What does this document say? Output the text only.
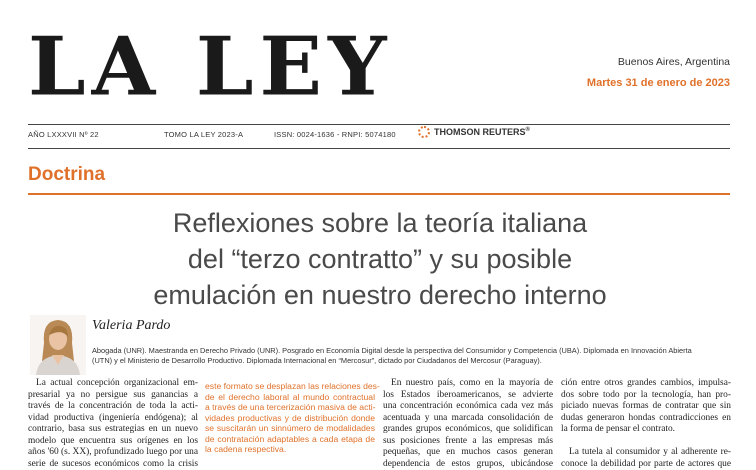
LA LEY	Buenos Aires, Argentina
Martes 31 de enero de 2023
AÑO LXXXVII Nº 22	TOMO LA LEY 2023-A	ISSN: 0024-1636 - RNPI: 5074180	THOMSON REUTERS®
Doctrina
Reflexiones sobre la teoría italiana
del “terzo contratto” y su posible
emulación en nuestro derecho interno
Valeria Pardo
Abogada (UNR). Maestranda en Derecho Privado (UNR). Posgrado en Economía Digital desde la perspectiva del Consumidor y Competencia (UBA). Diplomada en Innovación Abierta
(UTN) y el Ministerio de Desarrollo Productivo. Diplomada Internacional en “Mercosur”, dictado por Ciudadanos del Mercosur (Paraguay).
La actual concepción organizacional em-
presarial ya no persigue sus ganancias a
través de la concentración de toda la acti-
vidad productiva (ingeniería endógena); al
contrario, basa sus estrategias en un nuevo
modelo que encuentra sus orígenes en los
años '60 (s. XX), profundizado luego por una
serie de sucesos económicos como la crisis
este formato se desplazan las relaciones des-
de el derecho laboral al mundo contractual
a través de una tercerización masiva de acti-
vidades productivas y de distribución donde
se suscitarán un sinnúmero de modalidades
de contratación adaptables a cada etapa de
la cadena respectiva.
En nuestro país, como en la mayoría de
los Estados iberoamericanos, se advierte
una concentración económica cada vez más
acentuada y una marcada consolidación de
grandes grupos económicos, que solidifican
sus posiciones frente a las empresas más
pequeñas, que en muchos casos generan
dependencia de estos grupos, ubicándose
ción entre otros grandes cambios, impulsa-
dos sobre todo por la tecnología, han pro-
piciado nuevas formas de contratar que sin
dudas generaron hondas contradicciones en
la forma de pensar el contrato.

La tutela al consumidor y al adherente re-
conoce la debilidad por parte de actores que
